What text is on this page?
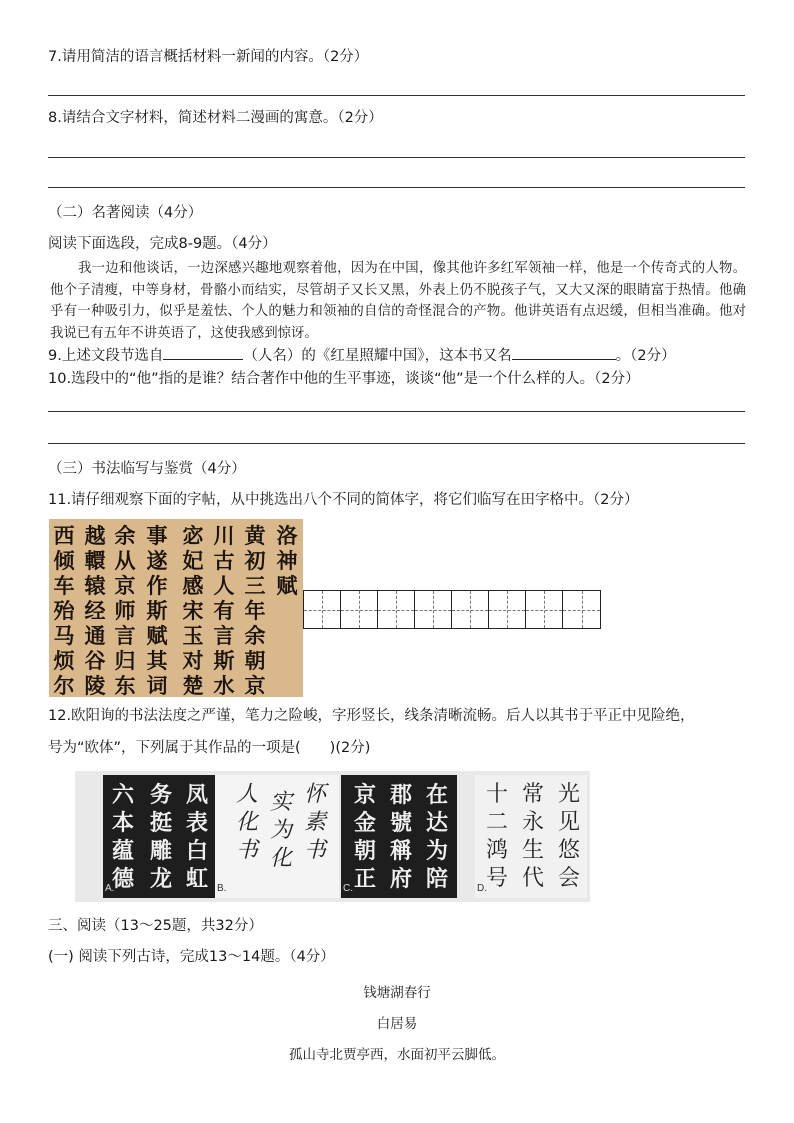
7.请用简洁的语言概括材料一新闻的内容。（2分）
8.请结合文字材料，简述材料二漫画的寓意。（2分）
（二）名著阅读（4分）
阅读下面选段，完成8-9题。（4分）

我一边和他谈话，一边深感兴趣地观察着他，因为在中国，像其他许多红军领袖一样，他是一个传奇式的人物。他个子清瘦，中等身材，骨骼小而结实，尽管胡子又长又黑，外表上仍不脱孩子气，又大又深的眼睛富于热情。他确乎有一种吸引力，似乎是羞怯、个人的魅力和领袖的自信的奇怪混合的产物。他讲英语有点迟缓，但相当准确。他对我说已有五年不讲英语了，这使我感到惊讶。

9.上述文段节选自	（人名）的《红星照耀中国》，这本书又名	。（2分）
10.选段中的“他”指的是谁？结合著作中他的生平事迹，谈谈“他”是一个什么样的人。（2分）
（三）书法临写与鉴赏（4分）
11.请仔细观察下面的字帖，从中挑选出八个不同的简体字，将它们临写在田字格中。（2分）
洛神赋
黄初三年余朝京
川古人有言斯水
宓妃感宋玉对楚
事遂作斯赋其词
余从京师言归东
越轘辕经通谷陵
西倾车殆马烦尔
12.欧阳询的书法法度之严谨，笔力之险峻，字形竖长，线条清晰流畅。后人以其书于平正中见险绝，
号为“欧体”，下列属于其作品的一项是(　　)(2分)
凤表白虹
务挺雕龙
六本蕴德
A.
怀素书
实为化
人化书
B.
在达为陪
郡號稱府
京金朝正
C.
光见悠会
常永生代
十二鸿号
D.
三、阅读（13～25题，共32分）
(一) 阅读下列古诗，完成13～14题。（4分）
钱塘湖春行
白居易
孤山寺北贾亭西，水面初平云脚低。
